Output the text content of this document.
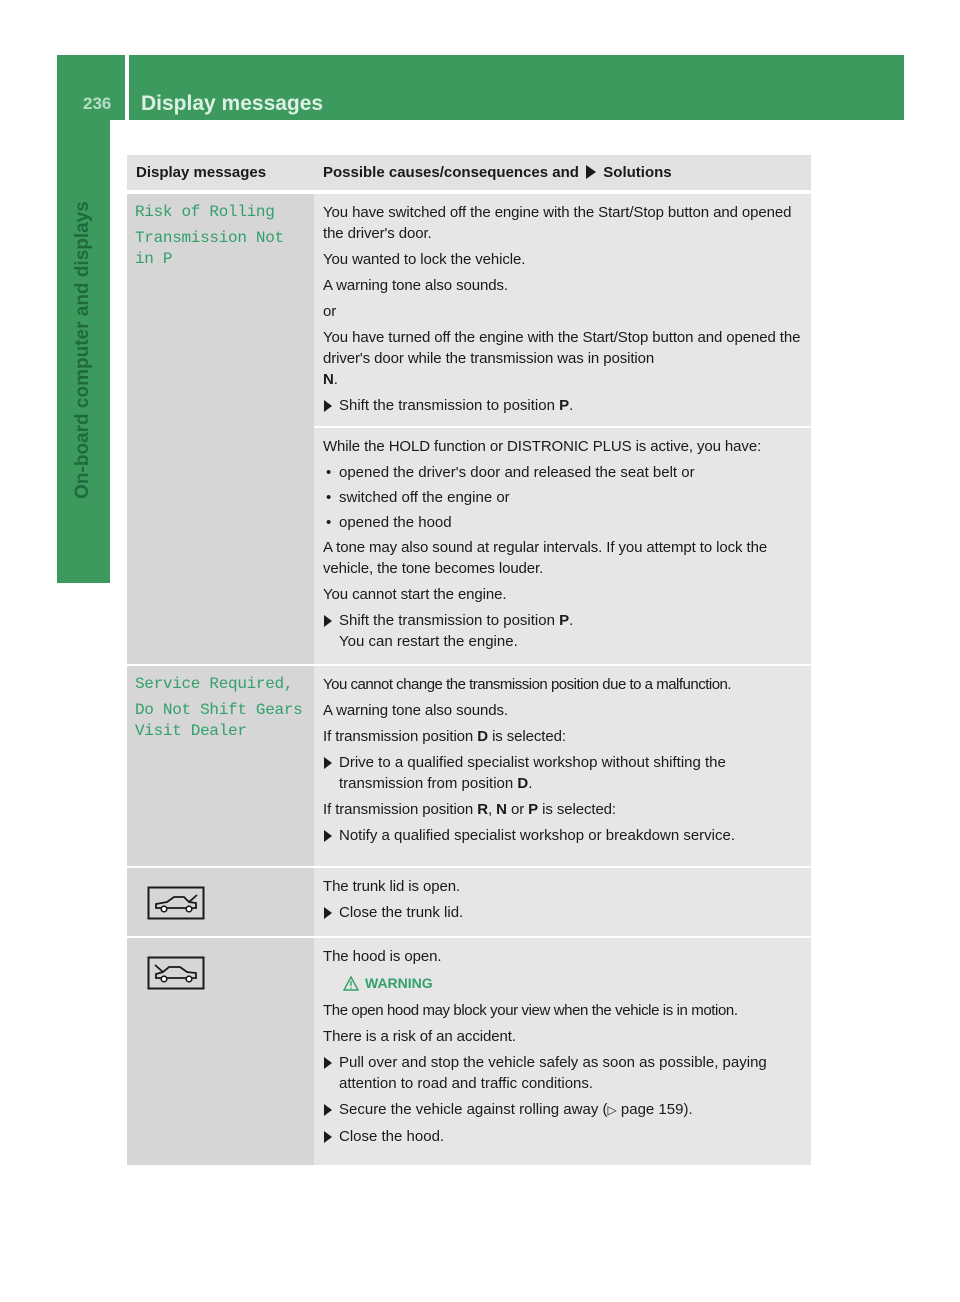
236 Display messages
On-board computer and displays
Display messages	Possible causes/consequences and Solutions

Risk of Rolling

Transmission Not

in P

You have switched off the engine with the Start/Stop button and opened the driver's door.

You wanted to lock the vehicle.

A warning tone also sounds.

or

You have turned off the engine with the Start/Stop button and opened the driver's door while the transmission was in position
N.

Shift the transmission to position P.

While the HOLD function or DISTRONIC PLUS is active, you have:

• opened the driver's door and released the seat belt or

• switched off the engine or

• opened the hood

A tone may also sound at regular intervals. If you attempt to lock the vehicle, the tone becomes louder.

You cannot start the engine.

Shift the transmission to position P.
You can restart the engine.

Service Required,

Do Not Shift Gears

Visit Dealer

You cannot change the transmission position due to a malfunction.

A warning tone also sounds.

If transmission position D is selected:

Drive to a qualified specialist workshop without shifting the transmission from position D.

If transmission position R, N or P is selected:

Notify a qualified specialist workshop or breakdown service.

The trunk lid is open.

Close the trunk lid.

The hood is open.

WARNING

The open hood may block your view when the vehicle is in motion.

There is a risk of an accident.

Pull over and stop the vehicle safely as soon as possible, paying attention to road and traffic conditions.

Secure the vehicle against rolling away (▷ page 159).

Close the hood.
